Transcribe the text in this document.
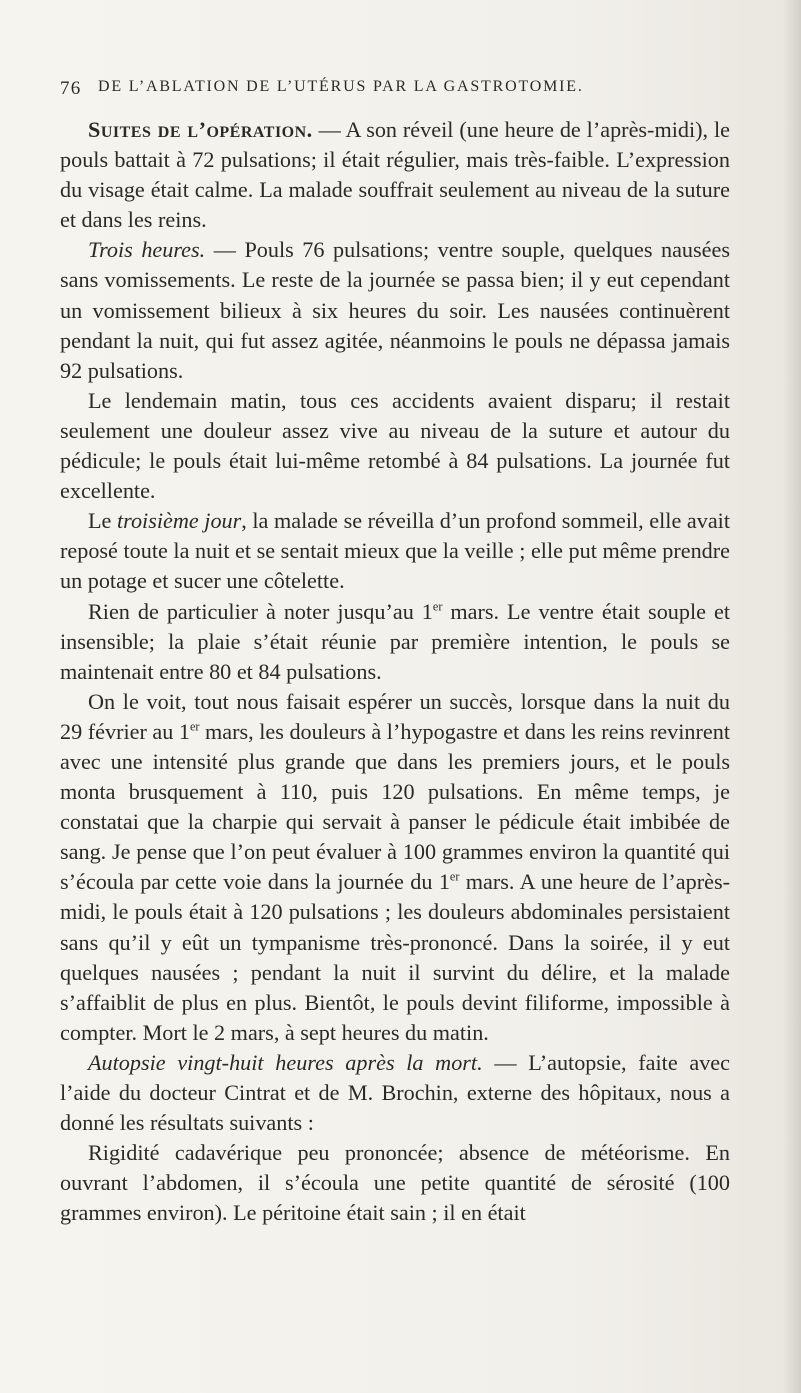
76 DE L’ABLATION DE L’UTÉRUS PAR LA GASTROTOMIE.

Suites de l’opération. — A son réveil (une heure de l’après-midi), le pouls battait à 72 pulsations; il était régulier, mais très-faible. L’expression du visage était calme. La malade souffrait seulement au niveau de la suture et dans les reins.

Trois heures. — Pouls 76 pulsations; ventre souple, quelques nausées sans vomissements. Le reste de la journée se passa bien; il y eut cependant un vomissement bilieux à six heures du soir. Les nausées continuèrent pendant la nuit, qui fut assez agitée, néanmoins le pouls ne dépassa jamais 92 pulsations.

Le lendemain matin, tous ces accidents avaient disparu; il restait seulement une douleur assez vive au niveau de la suture et autour du pédicule; le pouls était lui-même retombé à 84 pulsations. La journée fut excellente.

Le troisième jour, la malade se réveilla d’un profond sommeil, elle avait reposé toute la nuit et se sentait mieux que la veille ; elle put même prendre un potage et sucer une côtelette.

Rien de particulier à noter jusqu’au 1er mars. Le ventre était souple et insensible; la plaie s’était réunie par première intention, le pouls se maintenait entre 80 et 84 pulsations.

On le voit, tout nous faisait espérer un succès, lorsque dans la nuit du 29 février au 1er mars, les douleurs à l’hypogastre et dans les reins revinrent avec une intensité plus grande que dans les premiers jours, et le pouls monta brusquement à 110, puis 120 pulsations. En même temps, je constatai que la charpie qui servait à panser le pédicule était imbibée de sang. Je pense que l’on peut évaluer à 100 grammes environ la quantité qui s’écoula par cette voie dans la journée du 1er mars. A une heure de l’après-midi, le pouls était à 120 pulsations ; les douleurs abdominales persistaient sans qu’il y eût un tympanisme très-prononcé. Dans la soirée, il y eut quelques nausées ; pendant la nuit il survint du délire, et la malade s’affaiblit de plus en plus. Bientôt, le pouls devint filiforme, impossible à compter. Mort le 2 mars, à sept heures du matin.

Autopsie vingt-huit heures après la mort. — L’autopsie, faite avec l’aide du docteur Cintrat et de M. Brochin, externe des hôpitaux, nous a donné les résultats suivants :

Rigidité cadavérique peu prononcée; absence de météorisme. En ouvrant l’abdomen, il s’écoula une petite quantité de sérosité (100 grammes environ). Le péritoine était sain ; il en était
